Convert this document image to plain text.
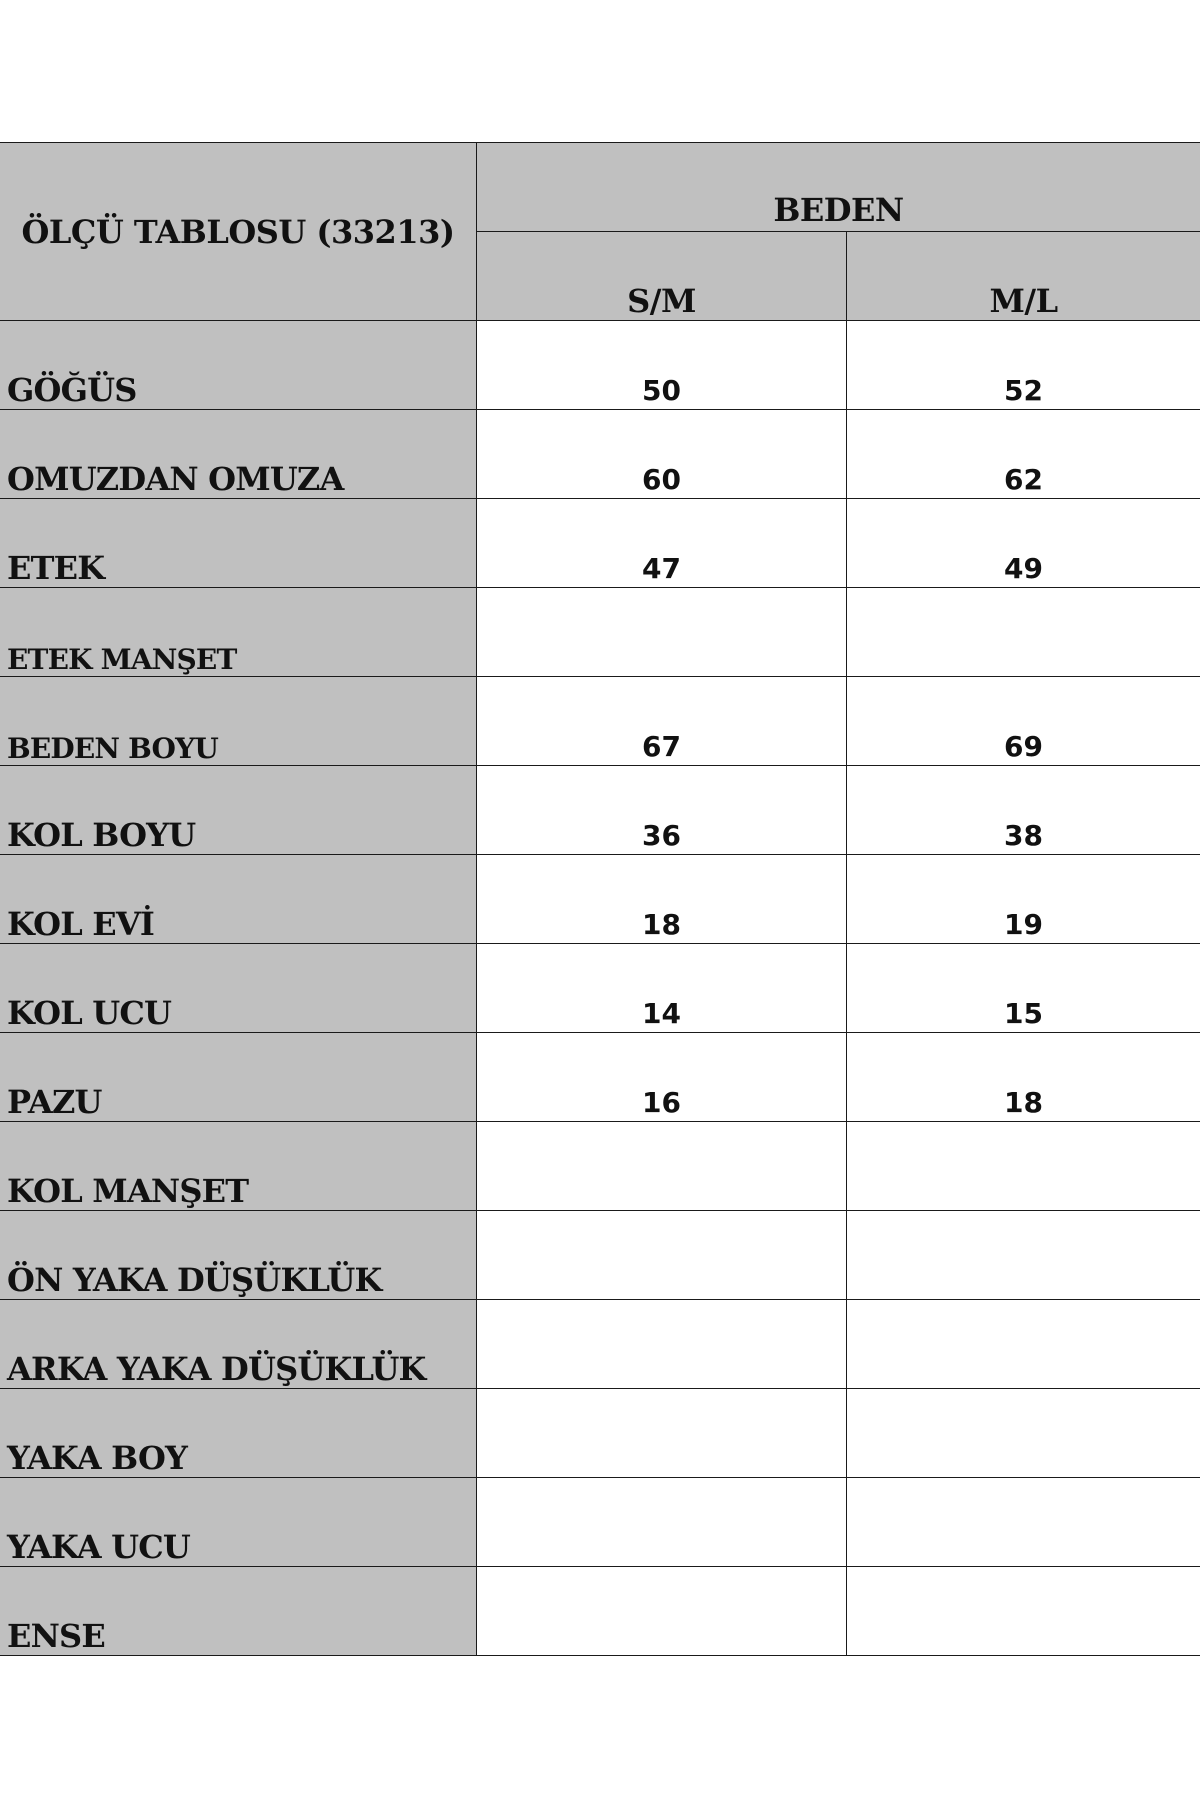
ÖLÇÜ TABLOSU (33213)	BEDEN	
	S/M	M/L
GÖĞÜS	50	52
OMUZDAN OMUZA	60	62
ETEK	47	49
ETEK MANŞET		
BEDEN BOYU	67	69
KOL BOYU	36	38
KOL EVİ	18	19
KOL UCU	14	15
PAZU	16	18
KOL MANŞET		
ÖN YAKA DÜŞÜKLÜK		
ARKA YAKA DÜŞÜKLÜK		
YAKA BOY		
YAKA UCU		
ENSE		
